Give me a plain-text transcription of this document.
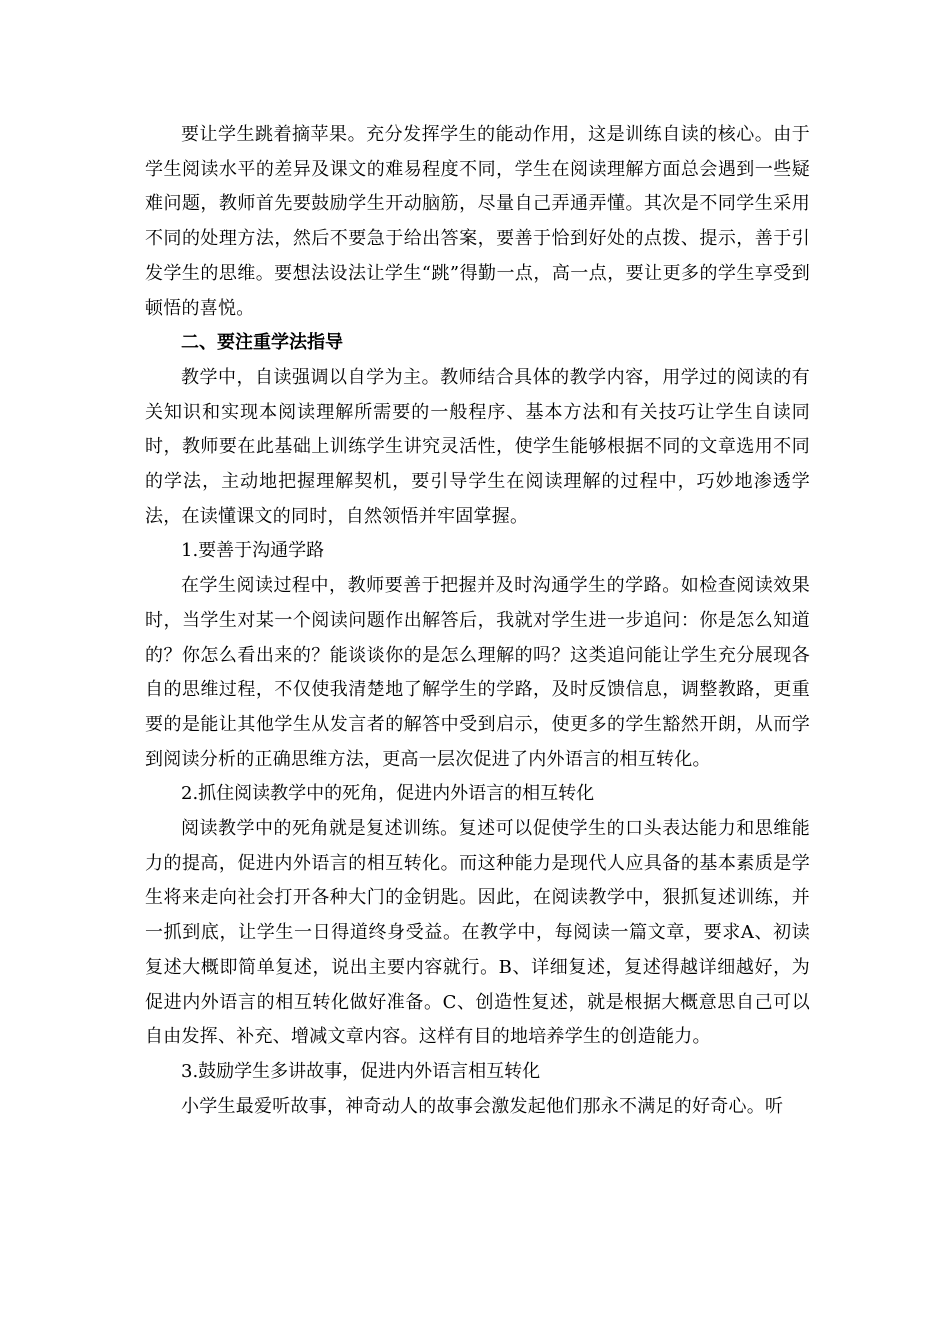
要让学生跳着摘苹果。充分发挥学生的能动作用，这是训练自读的核心。由于学生阅读水平的差异及课文的难易程度不同，学生在阅读理解方面总会遇到一些疑难问题，教师首先要鼓励学生开动脑筋，尽量自己弄通弄懂。其次是不同学生采用不同的处理方法，然后不要急于给出答案，要善于恰到好处的点拨、提示，善于引发学生的思维。要想法设法让学生“跳”得勤一点，高一点，要让更多的学生享受到顿悟的喜悦。

二、要注重学法指导

教学中，自读强调以自学为主。教师结合具体的教学内容，用学过的阅读的有关知识和实现本阅读理解所需要的一般程序、基本方法和有关技巧让学生自读同时，教师要在此基础上训练学生讲究灵活性，使学生能够根据不同的文章选用不同的学法，主动地把握理解契机，要引导学生在阅读理解的过程中，巧妙地渗透学法，在读懂课文的同时，自然领悟并牢固掌握。

1.要善于沟通学路

在学生阅读过程中，教师要善于把握并及时沟通学生的学路。如检查阅读效果时，当学生对某一个阅读问题作出解答后，我就对学生进一步追问：你是怎么知道的？你怎么看出来的？能谈谈你的是怎么理解的吗？这类追问能让学生充分展现各自的思维过程，不仅使我清楚地了解学生的学路，及时反馈信息，调整教路，更重要的是能让其他学生从发言者的解答中受到启示，使更多的学生豁然开朗，从而学到阅读分析的正确思维方法，更高一层次促进了内外语言的相互转化。

2.抓住阅读教学中的死角，促进内外语言的相互转化

阅读教学中的死角就是复述训练。复述可以促使学生的口头表达能力和思维能力的提高，促进内外语言的相互转化。而这种能力是现代人应具备的基本素质是学生将来走向社会打开各种大门的金钥匙。因此，在阅读教学中，狠抓复述训练，并一抓到底，让学生一日得道终身受益。在教学中，每阅读一篇文章，要求A、初读复述大概即简单复述，说出主要内容就行。B、详细复述，复述得越详细越好，为促进内外语言的相互转化做好准备。C、创造性复述，就是根据大概意思自己可以自由发挥、补充、增减文章内容。这样有目的地培养学生的创造能力。

3.鼓励学生多讲故事，促进内外语言相互转化

小学生最爱听故事，神奇动人的故事会激发起他们那永不满足的好奇心。听
